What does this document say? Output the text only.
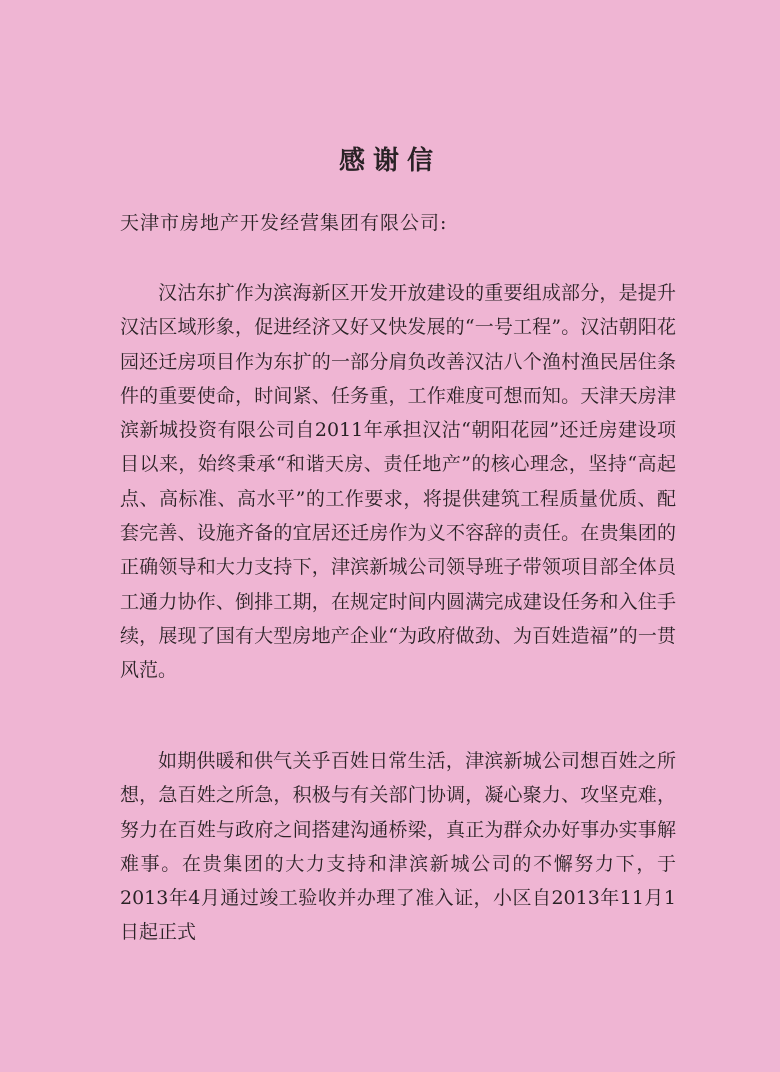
感谢信
天津市房地产开发经营集团有限公司:

汉沽东扩作为滨海新区开发开放建设的重要组成部分，是提升汉沽区域形象，促进经济又好又快发展的“一号工程”。汉沽朝阳花园还迁房项目作为东扩的一部分肩负改善汉沽八个渔村渔民居住条件的重要使命，时间紧、任务重，工作难度可想而知。天津天房津滨新城投资有限公司自2011年承担汉沽“朝阳花园”还迁房建设项目以来，始终秉承“和谐天房、责任地产”的核心理念，坚持“高起点、高标准、高水平”的工作要求，将提供建筑工程质量优质、配套完善、设施齐备的宜居还迁房作为义不容辞的责任。在贵集团的正确领导和大力支持下，津滨新城公司领导班子带领项目部全体员工通力协作、倒排工期，在规定时间内圆满完成建设任务和入住手续，展现了国有大型房地产企业“为政府做劲、为百姓造福”的一贯风范。

如期供暖和供气关乎百姓日常生活，津滨新城公司想百姓之所想，急百姓之所急，积极与有关部门协调，凝心聚力、攻坚克难，努力在百姓与政府之间搭建沟通桥梁，真正为群众办好事办实事解难事。在贵集团的大力支持和津滨新城公司的不懈努力下，于2013年4月通过竣工验收并办理了准入证，小区自2013年11月1日起正式
